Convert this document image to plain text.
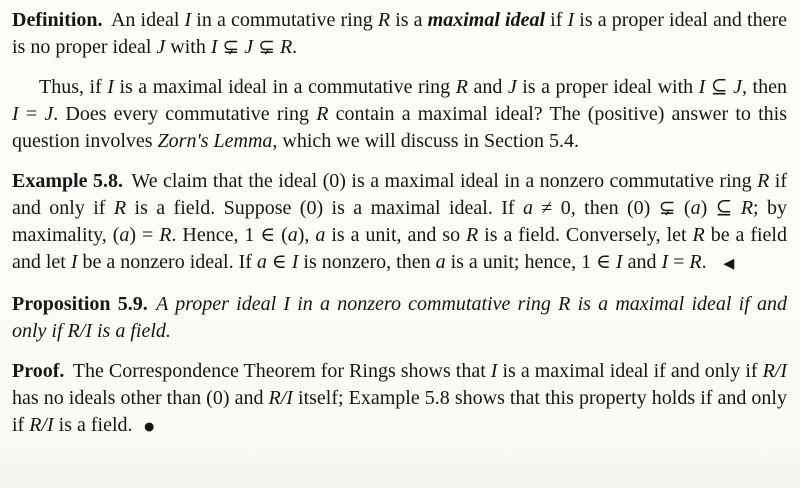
Definition. An ideal I in a commutative ring R is a maximal ideal if I is a proper ideal and there is no proper ideal J with I ⊊ J ⊊ R.

Thus, if I is a maximal ideal in a commutative ring R and J is a proper ideal with I ⊆ J, then I = J. Does every commutative ring R contain a maximal ideal? The (positive) answer to this question involves Zorn's Lemma, which we will discuss in Section 5.4.

Example 5.8. We claim that the ideal (0) is a maximal ideal in a nonzero commutative ring R if and only if R is a field. Suppose (0) is a maximal ideal. If a ≠ 0, then (0) ⊊ (a) ⊆ R; by maximality, (a) = R. Hence, 1 ∈ (a), a is a unit, and so R is a field. Conversely, let R be a field and let I be a nonzero ideal. If a ∈ I is nonzero, then a is a unit; hence, 1 ∈ I and I = R. ◀

Proposition 5.9. A proper ideal I in a nonzero commutative ring R is a maximal ideal if and only if R/I is a field.

Proof. The Correspondence Theorem for Rings shows that I is a maximal ideal if and only if R/I has no ideals other than (0) and R/I itself; Example 5.8 shows that this property holds if and only if R/I is a field. ●
